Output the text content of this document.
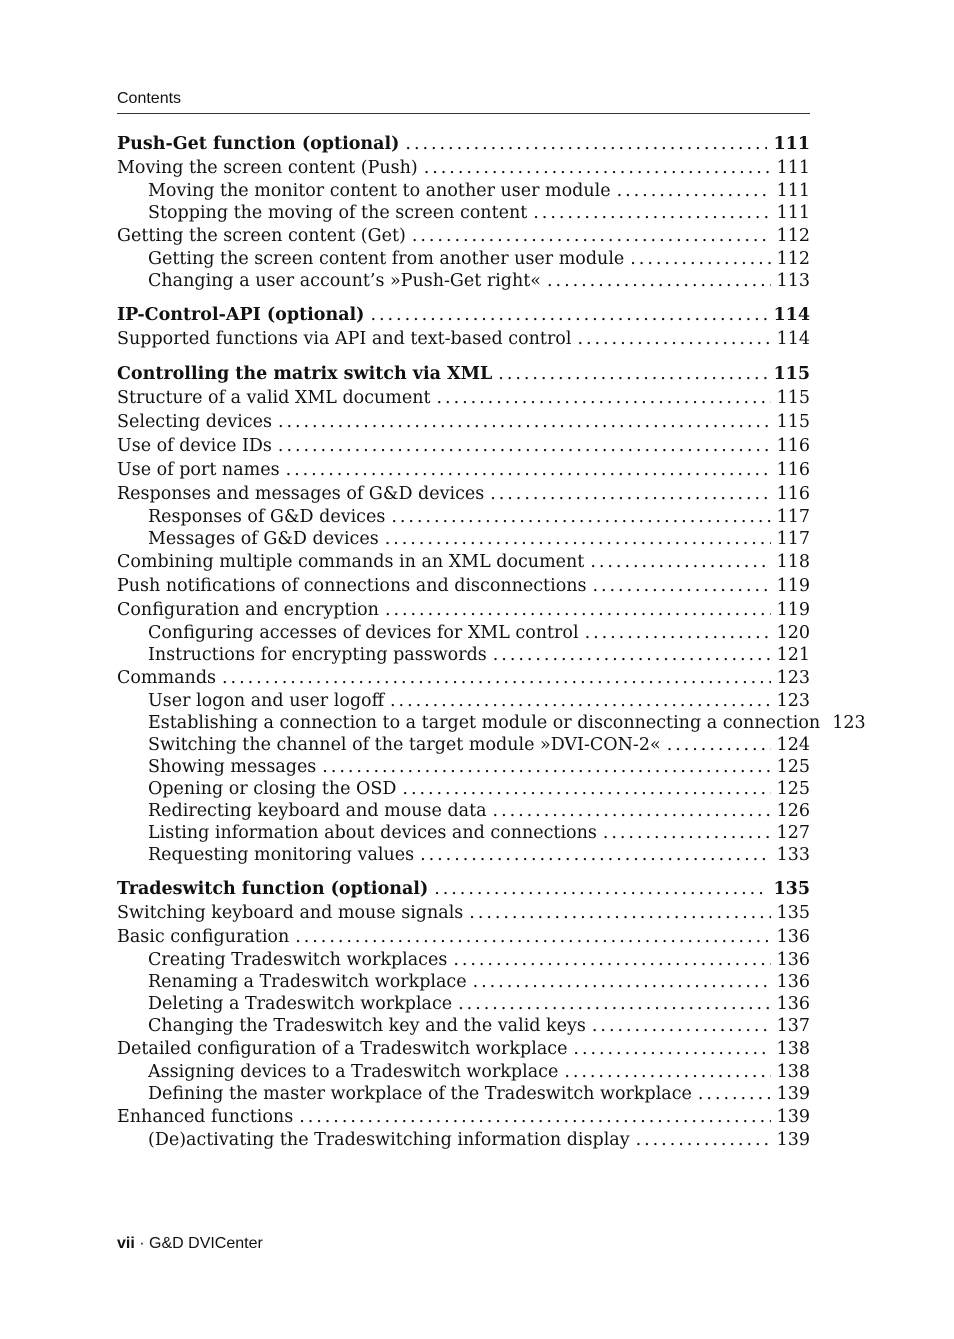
Contents
Push-Get function (optional) . . .	111
Moving the screen content (Push) . . .	111
Moving the monitor content to another user module . . .	111
Stopping the moving of the screen content . . .	111
Getting the screen content (Get) . . .	112
Getting the screen content from another user module . . .	112
Changing a user account’s »Push-Get right« . . .	113
IP-Control-API (optional) . . .	114
Supported functions via API and text-based control . . .	114
Controlling the matrix switch via XML . . .	115
Structure of a valid XML document . . .	115
Selecting devices . . .	115
Use of device IDs . . .	116
Use of port names . . .	116
Responses and messages of G&D devices . . .	116
Responses of G&D devices . . .	117
Messages of G&D devices . . .	117
Combining multiple commands in an XML document . . .	118
Push notifications of connections and disconnections . . .	119
Configuration and encryption . . .	119
Configuring accesses of devices for XML control . . .	120
Instructions for encrypting passwords . . .	121
Commands . . .	123
User logon and user logoff . . .	123
Establishing a connection to a target module or disconnecting a connection 123
Switching the channel of the target module »DVI-CON-2« . . .	124
Showing messages . . .	125
Opening or closing the OSD . . .	125
Redirecting keyboard and mouse data . . .	126
Listing information about devices and connections . . .	127
Requesting monitoring values . . .	133
Tradeswitch function (optional) . . .	135
Switching keyboard and mouse signals . . .	135
Basic configuration . . .	136
Creating Tradeswitch workplaces . . .	136
Renaming a Tradeswitch workplace . . .	136
Deleting a Tradeswitch workplace . . .	136
Changing the Tradeswitch key and the valid keys . . .	137
Detailed configuration of a Tradeswitch workplace . . .	138
Assigning devices to a Tradeswitch workplace . . .	138
Defining the master workplace of the Tradeswitch workplace . . .	139
Enhanced functions . . .	139
(De)activating the Tradeswitching information display . . .	139
vii · G&D DVICenter
